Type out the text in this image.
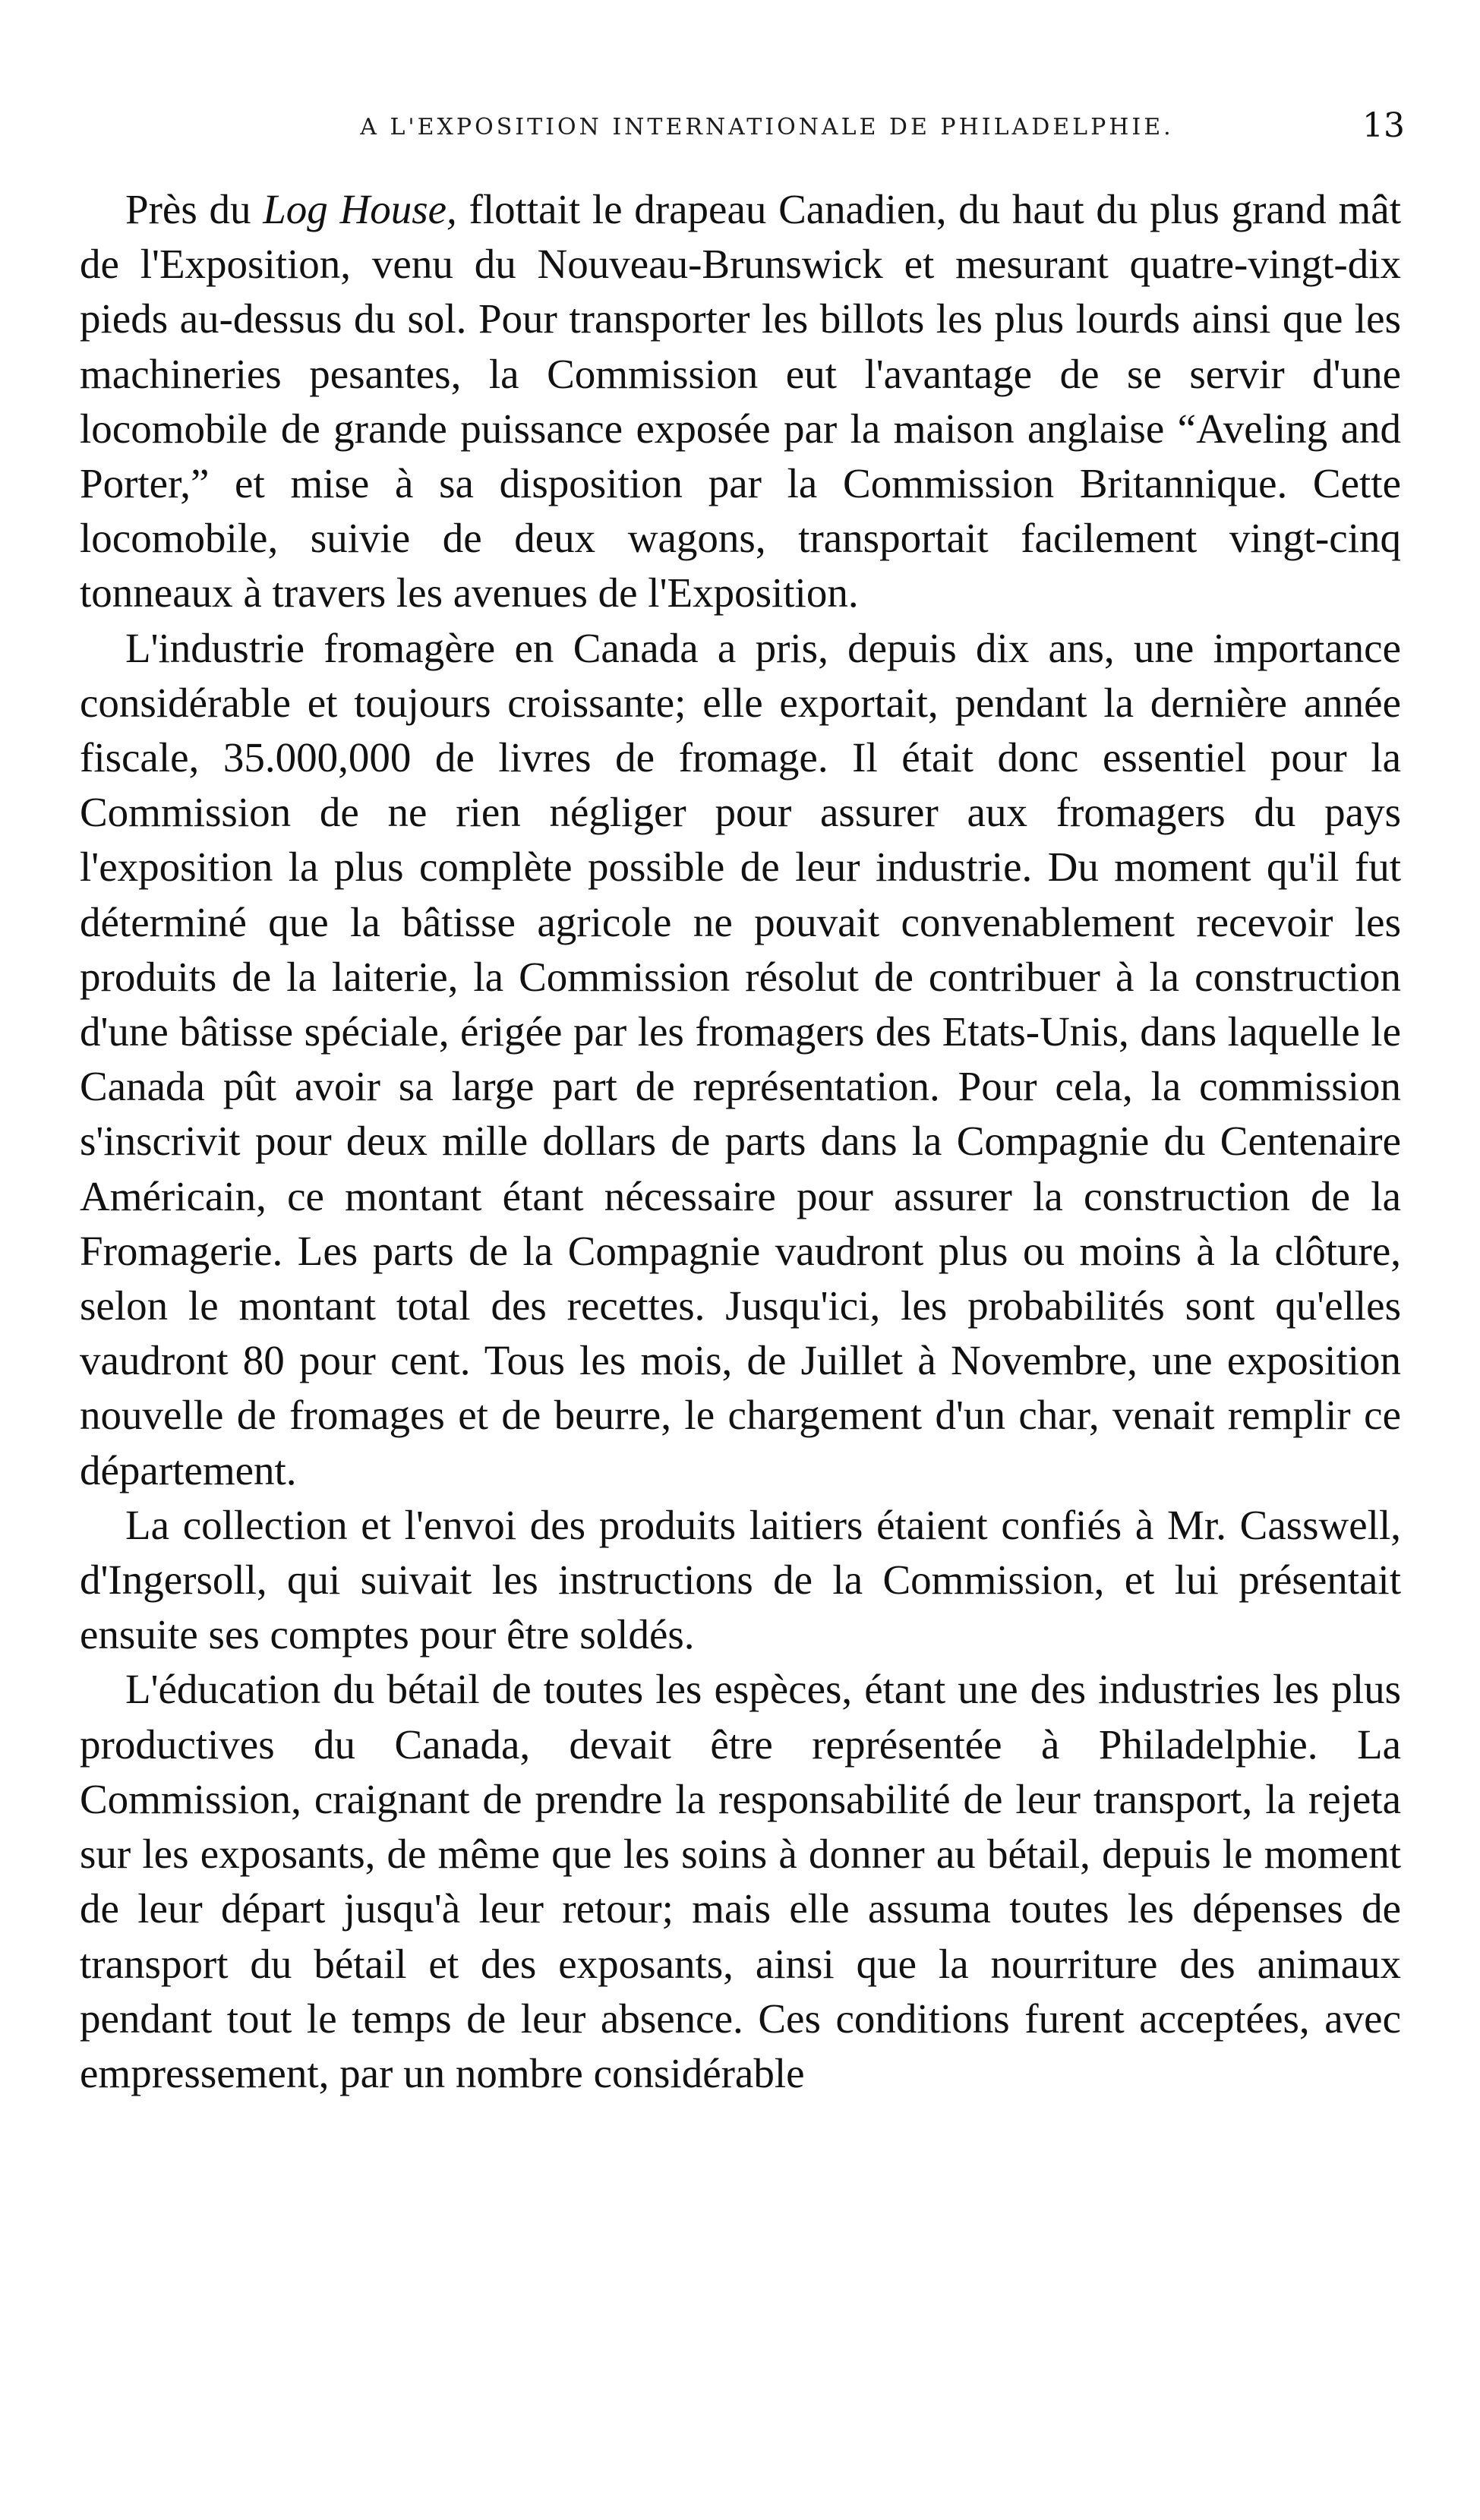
A L'EXPOSITION INTERNATIONALE DE PHILADELPHIE.	13

Près du Log House, flottait le drapeau Canadien, du haut du plus grand mât de l'Exposition, venu du Nouveau-Brunswick et mesurant quatre-vingt-dix pieds au-dessus du sol. Pour transporter les billots les plus lourds ainsi que les machineries pesantes, la Commission eut l'avantage de se servir d'une locomobile de grande puissance exposée par la maison anglaise “Aveling and Porter,” et mise à sa disposition par la Commission Britannique. Cette locomobile, suivie de deux wagons, transportait facilement vingt-cinq tonneaux à travers les avenues de l'Exposition.

L'industrie fromagère en Canada a pris, depuis dix ans, une importance considérable et toujours croissante; elle exportait, pendant la dernière année fiscale, 35.000,000 de livres de fromage. Il était donc essentiel pour la Commission de ne rien négliger pour assurer aux fromagers du pays l'exposition la plus complète possible de leur industrie. Du moment qu'il fut déterminé que la bâtisse agricole ne pouvait convenablement recevoir les produits de la laiterie, la Commission résolut de contribuer à la construction d'une bâtisse spéciale, érigée par les fromagers des Etats-Unis, dans laquelle le Canada pût avoir sa large part de représentation. Pour cela, la commission s'inscrivit pour deux mille dollars de parts dans la Compagnie du Centenaire Américain, ce montant étant nécessaire pour assurer la construction de la Fromagerie. Les parts de la Compagnie vaudront plus ou moins à la clôture, selon le montant total des recettes. Jusqu'ici, les probabilités sont qu'elles vaudront 80 pour cent. Tous les mois, de Juillet à Novembre, une exposition nouvelle de fromages et de beurre, le chargement d'un char, venait remplir ce département.

La collection et l'envoi des produits laitiers étaient confiés à Mr. Casswell, d'Ingersoll, qui suivait les instructions de la Commission, et lui présentait ensuite ses comptes pour être soldés.

L'éducation du bétail de toutes les espèces, étant une des industries les plus productives du Canada, devait être représentée à Philadelphie. La Commission, craignant de prendre la responsabilité de leur transport, la rejeta sur les exposants, de même que les soins à donner au bétail, depuis le moment de leur départ jusqu'à leur retour; mais elle assuma toutes les dépenses de transport du bétail et des exposants, ainsi que la nourriture des animaux pendant tout le temps de leur absence. Ces conditions furent acceptées, avec empressement, par un nombre considérable
